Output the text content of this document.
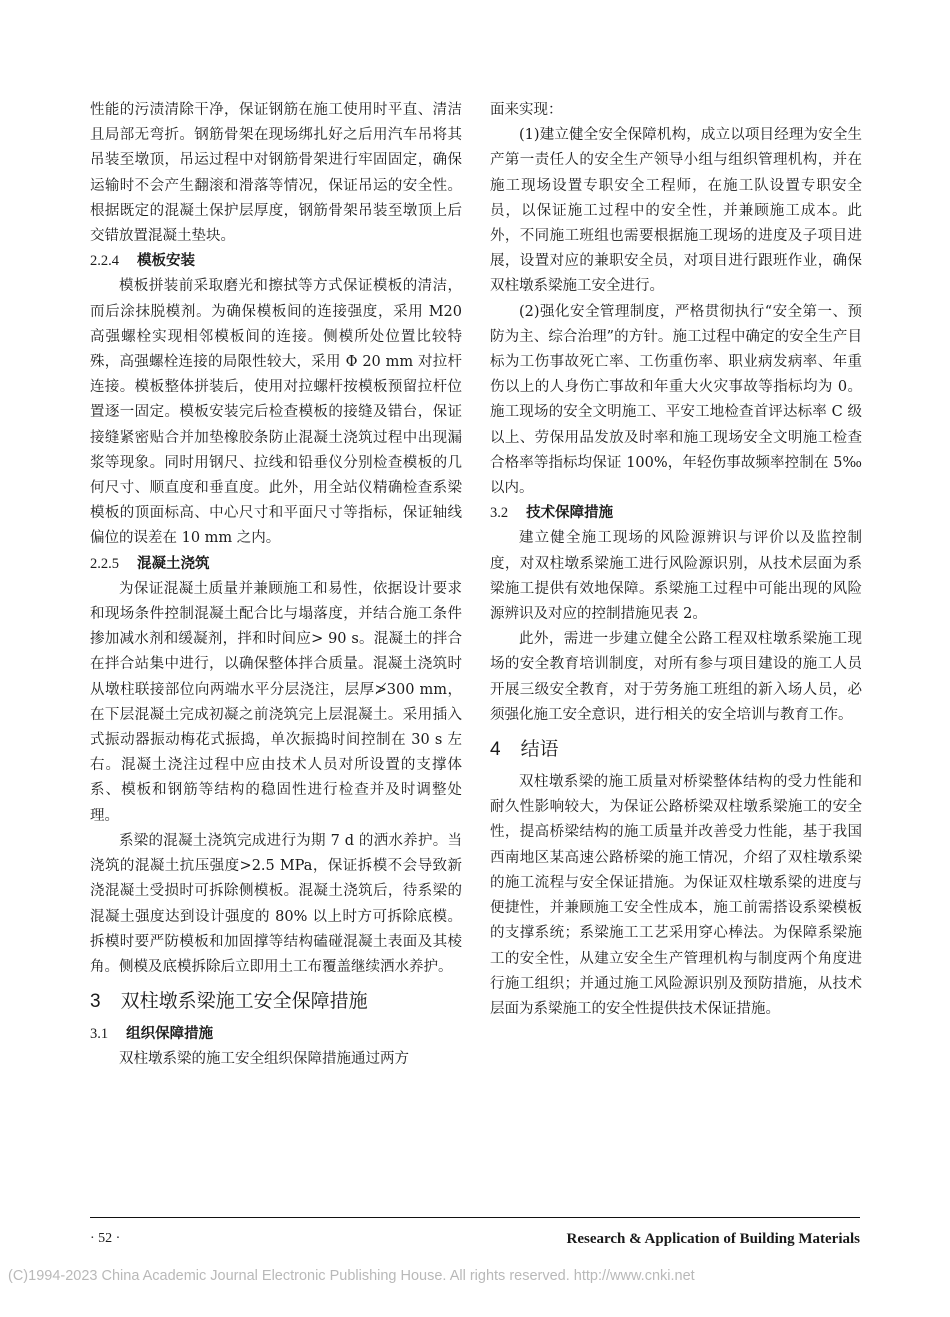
性能的污渍清除干净，保证钢筋在施工使用时平直、清洁且局部无弯折。钢筋骨架在现场绑扎好之后用汽车吊将其吊装至墩顶，吊运过程中对钢筋骨架进行牢固固定，确保运输时不会产生翻滚和滑落等情况，保证吊运的安全性。根据既定的混凝土保护层厚度，钢筋骨架吊装至墩顶上后交错放置混凝土垫块。

2.2.4 模板安装

模板拼装前采取磨光和擦拭等方式保证模板的清洁，而后涂抹脱模剂。为确保模板间的连接强度，采用 M20 高强螺栓实现相邻模板间的连接。侧模所处位置比较特殊，高强螺栓连接的局限性较大，采用 Φ 20 mm 对拉杆连接。模板整体拼装后，使用对拉螺杆按模板预留拉杆位置逐一固定。模板安装完后检查模板的接缝及错台，保证接缝紧密贴合并加垫橡胶条防止混凝土浇筑过程中出现漏浆等现象。同时用钢尺、拉线和铅垂仪分别检查模板的几何尺寸、顺直度和垂直度。此外，用全站仪精确检查系梁模板的顶面标高、中心尺寸和平面尺寸等指标，保证轴线偏位的误差在 10 mm 之内。

2.2.5 混凝土浇筑

为保证混凝土质量并兼顾施工和易性，依据设计要求和现场条件控制混凝土配合比与塌落度，并结合施工条件掺加减水剂和缓凝剂，拌和时间应> 90 s。混凝土的拌合在拌合站集中进行，以确保整体拌合质量。混凝土浇筑时从墩柱联接部位向两端水平分层浇注，层厚≯300 mm，在下层混凝土完成初凝之前浇筑完上层混凝土。采用插入式振动器振动梅花式振捣，单次振捣时间控制在 30 s 左右。混凝土浇注过程中应由技术人员对所设置的支撑体系、模板和钢筋等结构的稳固性进行检查并及时调整处理。

系梁的混凝土浇筑完成进行为期 7 d 的洒水养护。当浇筑的混凝土抗压强度>2.5 MPa，保证拆模不会导致新浇混凝土受损时可拆除侧模板。混凝土浇筑后，待系梁的混凝土强度达到设计强度的 80% 以上时方可拆除底模。拆模时要严防模板和加固撑等结构磕碰混凝土表面及其棱角。侧模及底模拆除后立即用土工布覆盖继续洒水养护。

3 双柱墩系梁施工安全保障措施
3.1 组织保障措施

双柱墩系梁的施工安全组织保障措施通过两方

面来实现：

(1)建立健全安全保障机构，成立以项目经理为安全生产第一责任人的安全生产领导小组与组织管理机构，并在施工现场设置专职安全工程师，在施工队设置专职安全员，以保证施工过程中的安全性，并兼顾施工成本。此外，不同施工班组也需要根据施工现场的进度及子项目进展，设置对应的兼职安全员，对项目进行跟班作业，确保双柱墩系梁施工安全进行。

(2)强化安全管理制度，严格贯彻执行“安全第一、预防为主、综合治理”的方针。施工过程中确定的安全生产目标为工伤事故死亡率、工伤重伤率、职业病发病率、年重伤以上的人身伤亡事故和年重大火灾事故等指标均为 0。施工现场的安全文明施工、平安工地检查首评达标率 C 级以上、劳保用品发放及时率和施工现场安全文明施工检查合格率等指标均保证 100%，年轻伤事故频率控制在 5‰ 以内。

3.2 技术保障措施

建立健全施工现场的风险源辨识与评价以及监控制度，对双柱墩系梁施工进行风险源识别，从技术层面为系梁施工提供有效地保障。系梁施工过程中可能出现的风险源辨识及对应的控制措施见表 2。

此外，需进一步建立健全公路工程双柱墩系梁施工现场的安全教育培训制度，对所有参与项目建设的施工人员开展三级安全教育，对于劳务施工班组的新入场人员，必须强化施工安全意识，进行相关的安全培训与教育工作。

4 结语

双柱墩系梁的施工质量对桥梁整体结构的受力性能和耐久性影响较大，为保证公路桥梁双柱墩系梁施工的安全性，提高桥梁结构的施工质量并改善受力性能，基于我国西南地区某高速公路桥梁的施工情况，介绍了双柱墩系梁的施工流程与安全保证措施。为保证双柱墩系梁的进度与便捷性，并兼顾施工安全性成本，施工前需搭设系梁模板的支撑系统；系梁施工工艺采用穿心棒法。为保障系梁施工的安全性，从建立安全生产管理机构与制度两个角度进行施工组织；并通过施工风险源识别及预防措施，从技术层面为系梁施工的安全性提供技术保证措施。

· 52 ·	Research & Application of Building Materials
(C)1994-2023 China Academic Journal Electronic Publishing House. All rights reserved. http://www.cnki.net
